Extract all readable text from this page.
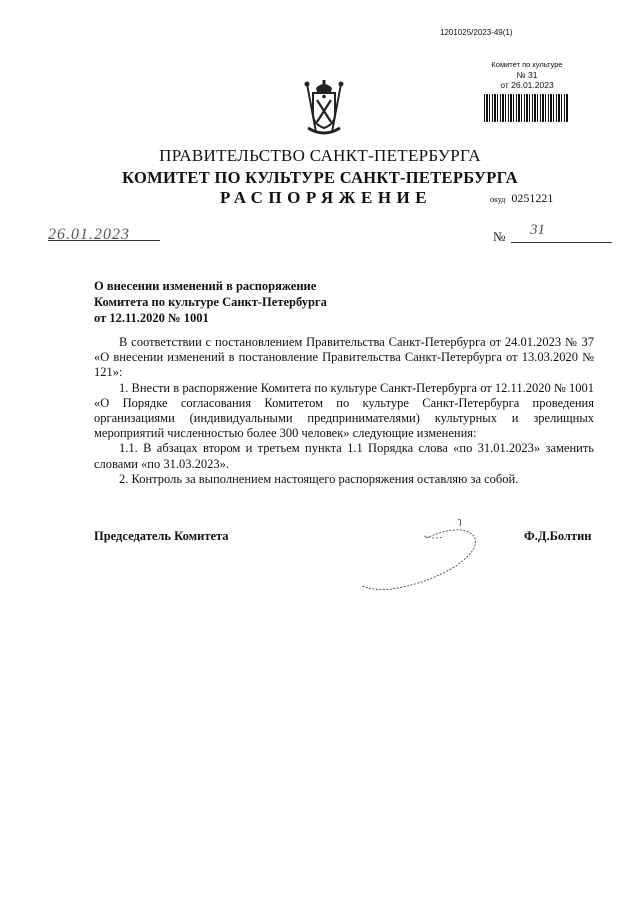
1201025/2023-49(1)
Комитет по культуре
№ 31
от 26.01.2023
ПРАВИТЕЛЬСТВО САНКТ-ПЕТЕРБУРГА
КОМИТЕТ ПО КУЛЬТУРЕ САНКТ-ПЕТЕРБУРГА
РАСПОРЯЖЕНИЕ	окуд 0251221
26.01.2023	№ 31
О внесении изменений в распоряжение
Комитета по культуре Санкт-Петербурга
от 12.11.2020 № 1001

В соответствии с постановлением Правительства Санкт-Петербурга от 24.01.2023 № 37 «О внесении изменений в постановление Правительства Санкт-Петербурга от 13.03.2020 № 121»:

1. Внести в распоряжение Комитета по культуре Санкт-Петербурга от 12.11.2020 № 1001 «О Порядке согласования Комитетом по культуре Санкт-Петербурга проведения организациями (индивидуальными предпринимателями) культурных и зрелищных мероприятий численностью более 300 человек» следующие изменения:

1.1. В абзацах втором и третьем пункта 1.1 Порядка слова «по 31.01.2023» заменить словами «по 31.03.2023».

2. Контроль за выполнением настоящего распоряжения оставляю за собой.

Председатель Комитета	Ф.Д.Болтин
